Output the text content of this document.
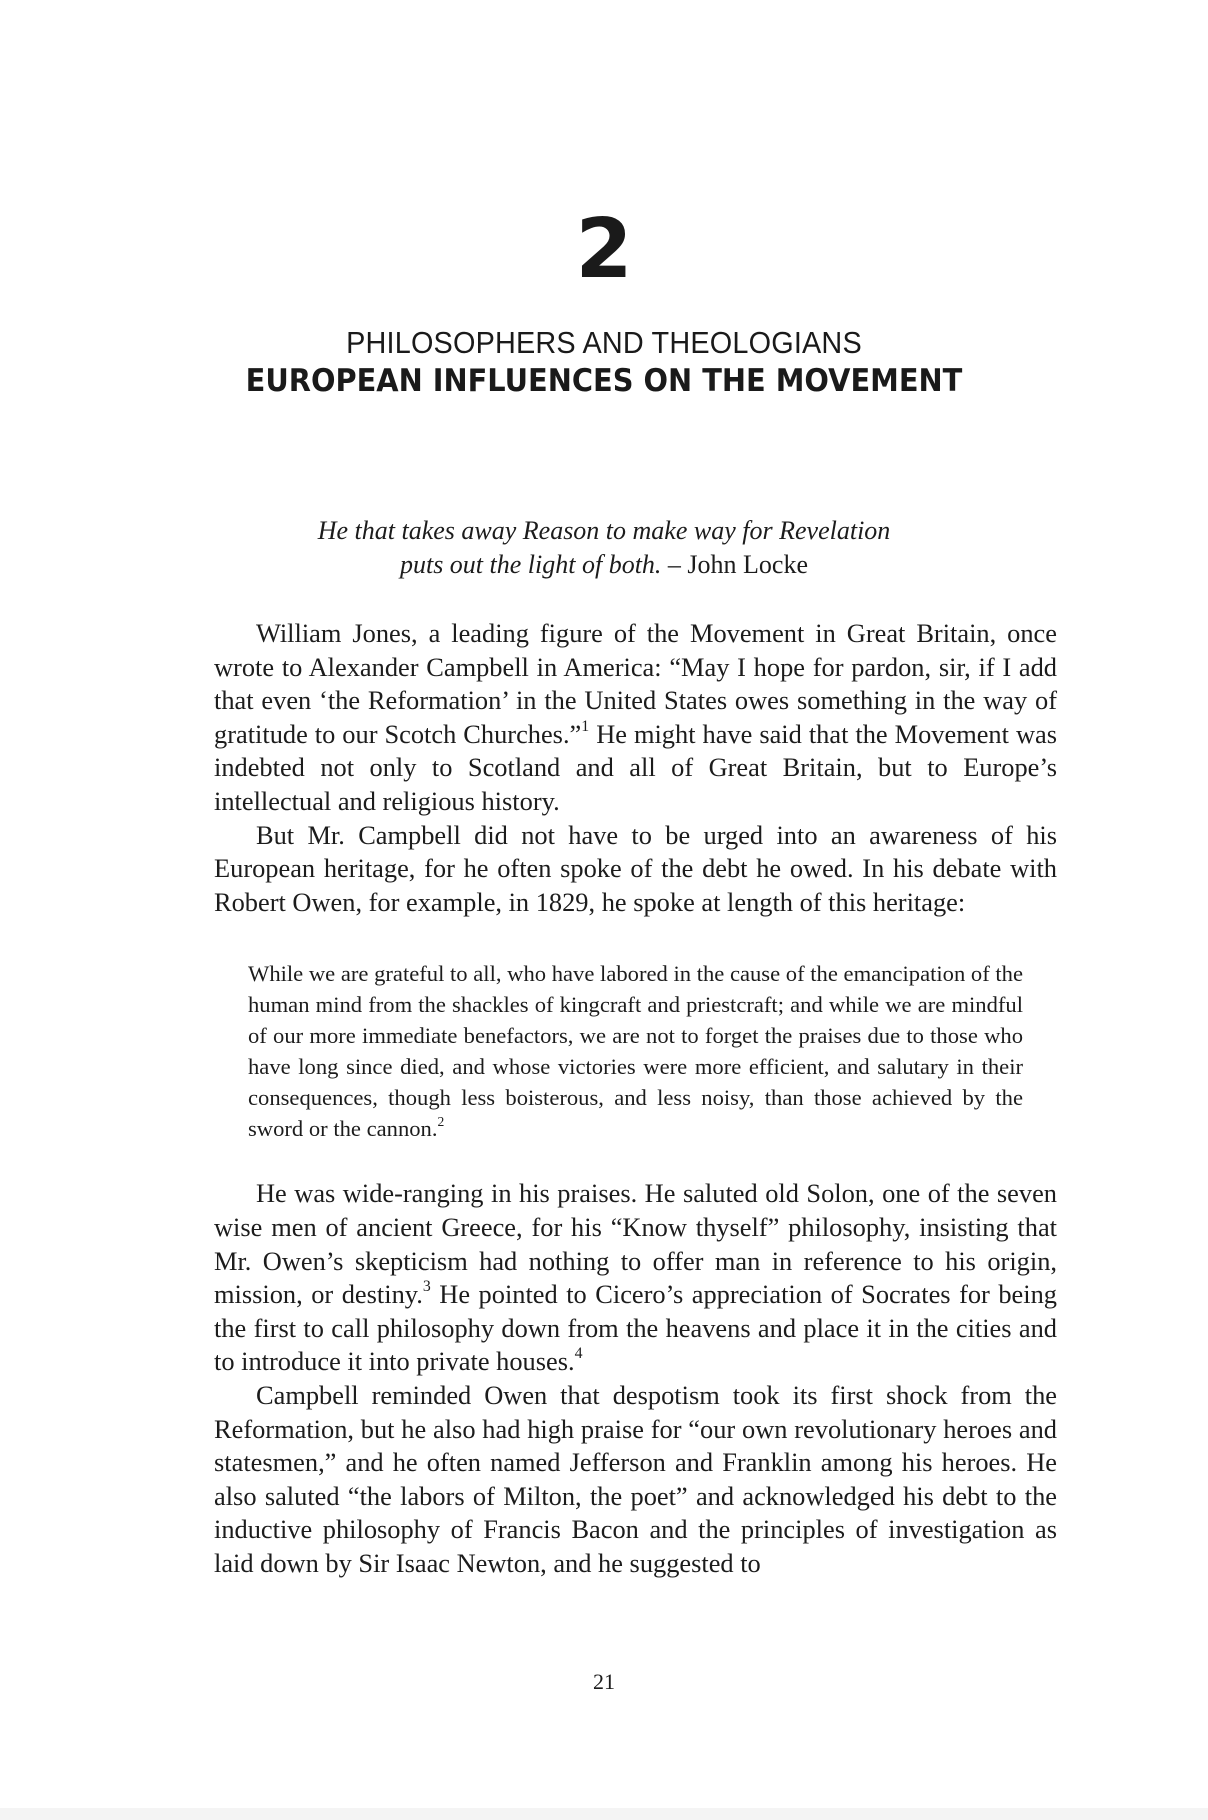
2
PHILOSOPHERS AND THEOLOGIANS
EUROPEAN INFLUENCES ON THE MOVEMENT
He that takes away Reason to make way for Revelation
puts out the light of both. – John Locke

William Jones, a leading figure of the Movement in Great Britain, once wrote to Alexander Campbell in America: “May I hope for pardon, sir, if I add that even ‘the Reformation’ in the United States owes something in the way of gratitude to our Scotch Churches.”$^1$ He might have said that the Movement was indebted not only to Scotland and all of Great Britain, but to Europe’s intellectual and religious history.

But Mr. Campbell did not have to be urged into an awareness of his European heritage, for he often spoke of the debt he owed. In his debate with Robert Owen, for example, in 1829, he spoke at length of this heritage:

While we are grateful to all, who have labored in the cause of the emancipation of the human mind from the shackles of kingcraft and priestcraft; and while we are mindful of our more immediate benefactors, we are not to forget the praises due to those who have long since died, and whose victories were more efficient, and salutary in their consequences, though less boisterous, and less noisy, than those achieved by the sword or the cannon.$^2$

He was wide-ranging in his praises. He saluted old Solon, one of the seven wise men of ancient Greece, for his “Know thyself” philosophy, insisting that Mr. Owen’s skepticism had nothing to offer man in reference to his origin, mission, or destiny.$^3$ He pointed to Cicero’s appreciation of Socrates for being the first to call philosophy down from the heavens and place it in the cities and to introduce it into private houses.$^4$

Campbell reminded Owen that despotism took its first shock from the Reformation, but he also had high praise for “our own revolutionary heroes and statesmen,” and he often named Jefferson and Franklin among his heroes. He also saluted “the labors of Milton, the poet” and acknowledged his debt to the inductive philosophy of Francis Bacon and the principles of investigation as laid down by Sir Isaac Newton, and he suggested to

21
